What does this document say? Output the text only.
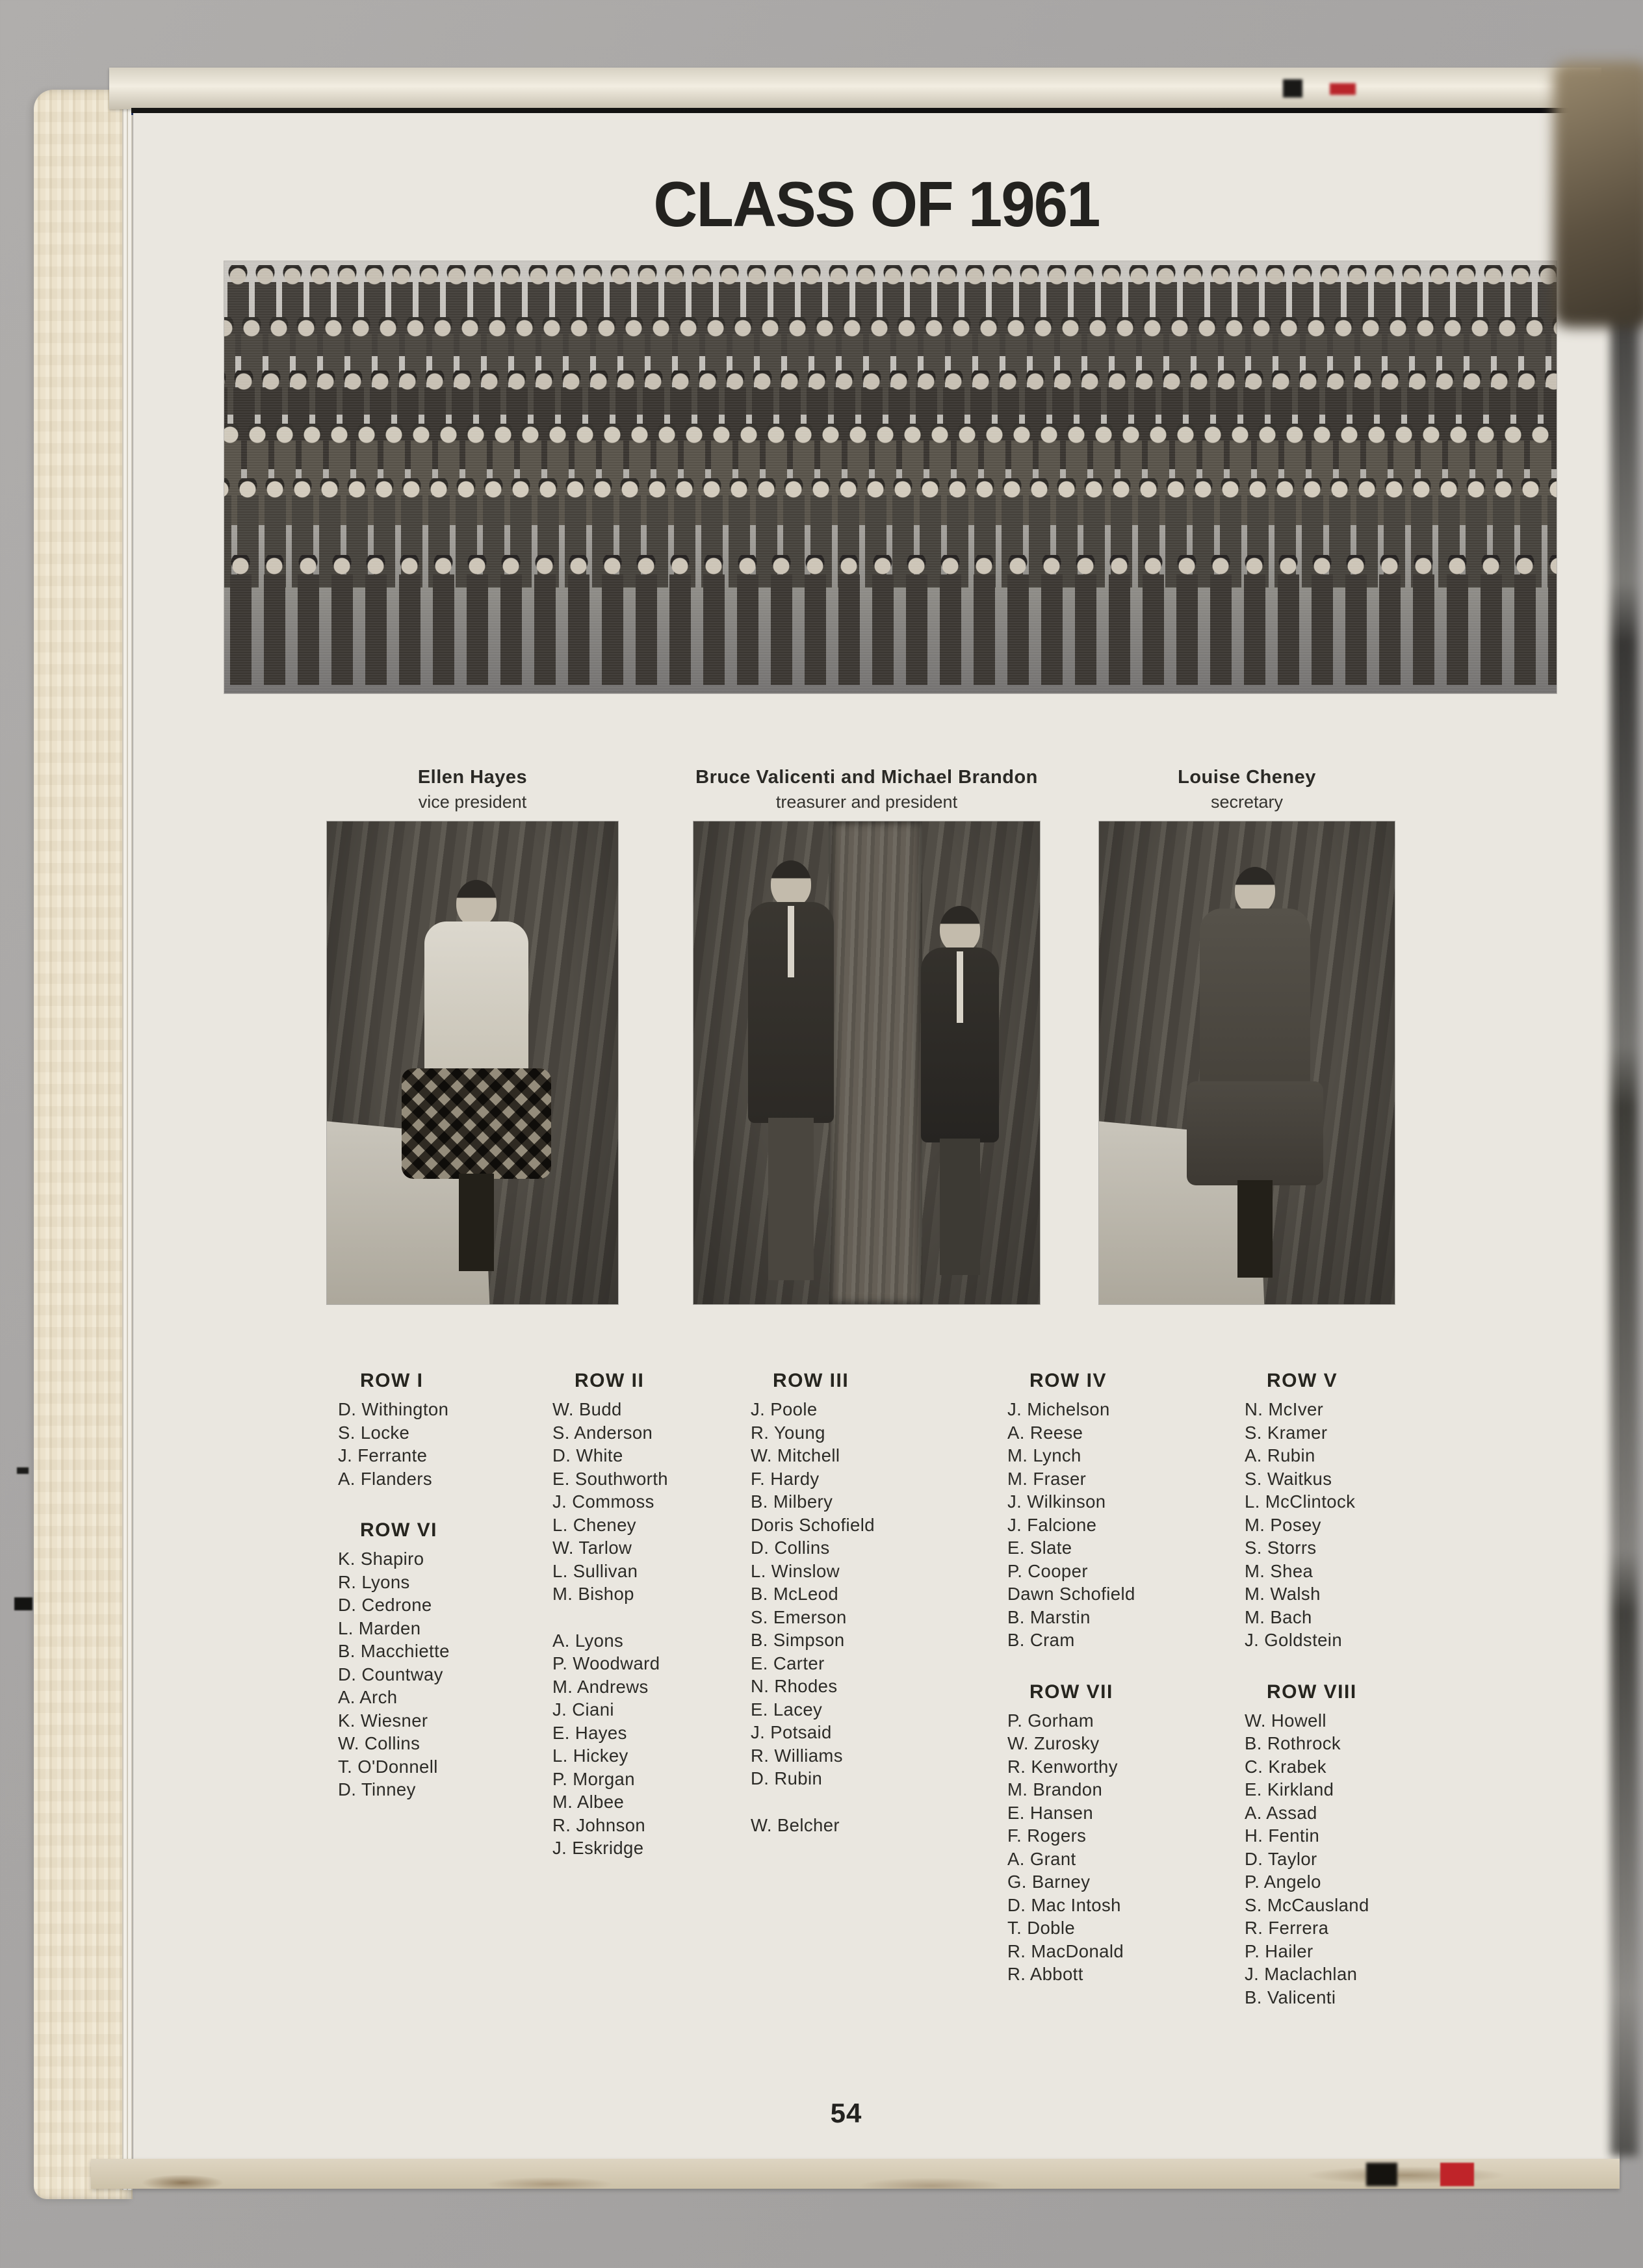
CLASS OF 1961
Ellen Hayes
vice president
Bruce Valicenti and Michael Brandon
treasurer and president
Louise Cheney
secretary
ROW I

D. Withington

S. Locke

J. Ferrante

A. Flanders

ROW VI

K. Shapiro

R. Lyons

D. Cedrone

L. Marden

B. Macchiette

D. Countway

A. Arch

K. Wiesner

W. Collins

T. O'Donnell

D. Tinney

ROW II

W. Budd

S. Anderson

D. White

E. Southworth

J. Commoss

L. Cheney

W. Tarlow

L. Sullivan

M. Bishop

A. Lyons

P. Woodward

M. Andrews

J. Ciani

E. Hayes

L. Hickey

P. Morgan

M. Albee

R. Johnson

J. Eskridge

ROW III

J. Poole

R. Young

W. Mitchell

F. Hardy

B. Milbery

Doris Schofield

D. Collins

L. Winslow

B. McLeod

S. Emerson

B. Simpson

E. Carter

N. Rhodes

E. Lacey

J. Potsaid

R. Williams

D. Rubin

W. Belcher

ROW IV

J. Michelson

A. Reese

M. Lynch

M. Fraser

J. Wilkinson

J. Falcione

E. Slate

P. Cooper

Dawn Schofield

B. Marstin

B. Cram

ROW VII

P. Gorham

W. Zurosky

R. Kenworthy

M. Brandon

E. Hansen

F. Rogers

A. Grant

G. Barney

D. Mac Intosh

T. Doble

R. MacDonald

R. Abbott

ROW V

N. McIver

S. Kramer

A. Rubin

S. Waitkus

L. McClintock

M. Posey

S. Storrs

M. Shea

M. Walsh

M. Bach

J. Goldstein

ROW VIII

W. Howell

B. Rothrock

C. Krabek

E. Kirkland

A. Assad

H. Fentin

D. Taylor

P. Angelo

S. McCausland

R. Ferrera

P. Hailer

J. Maclachlan

B. Valicenti

54
